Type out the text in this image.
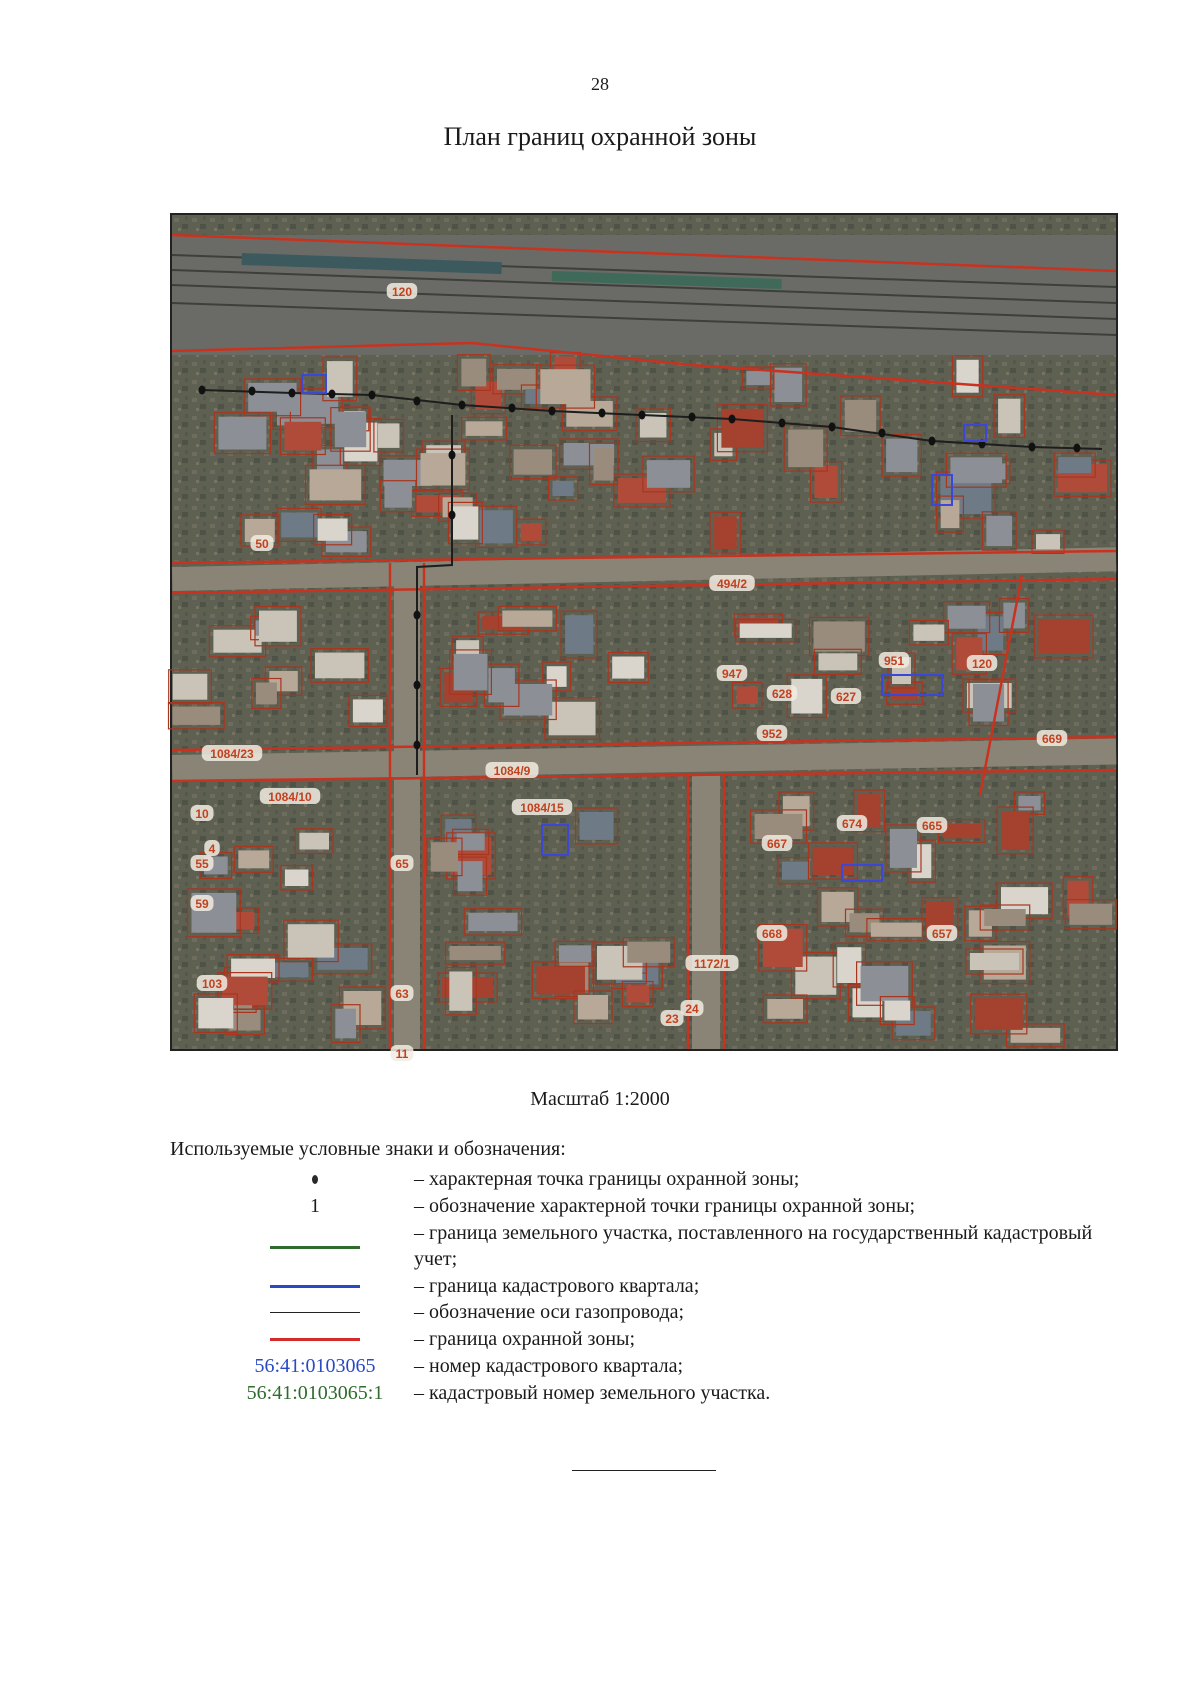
28
План границ охранной зоны
120
494/2
1084/23
1084/9
1084/10
1084/15
947
951
628	627
952	669
674	665
667
668	657
1172/1
55
59
10
4
103
23
24
63
65
11
120
50
Масштаб 1:2000
Используемые условные знаки и обозначения:
– характерная точка границы охранной зоны;
1	– обозначение характерной точки границы охранной зоны;
– граница земельного участка, поставленного на государственный кадастровый учет;
– граница кадастрового квартала;
– обозначение оси газопровода;
– граница охранной зоны;
56:41:0103065 – номер кадастрового квартала;
56:41:0103065:1 – кадастровый номер земельного участка.
